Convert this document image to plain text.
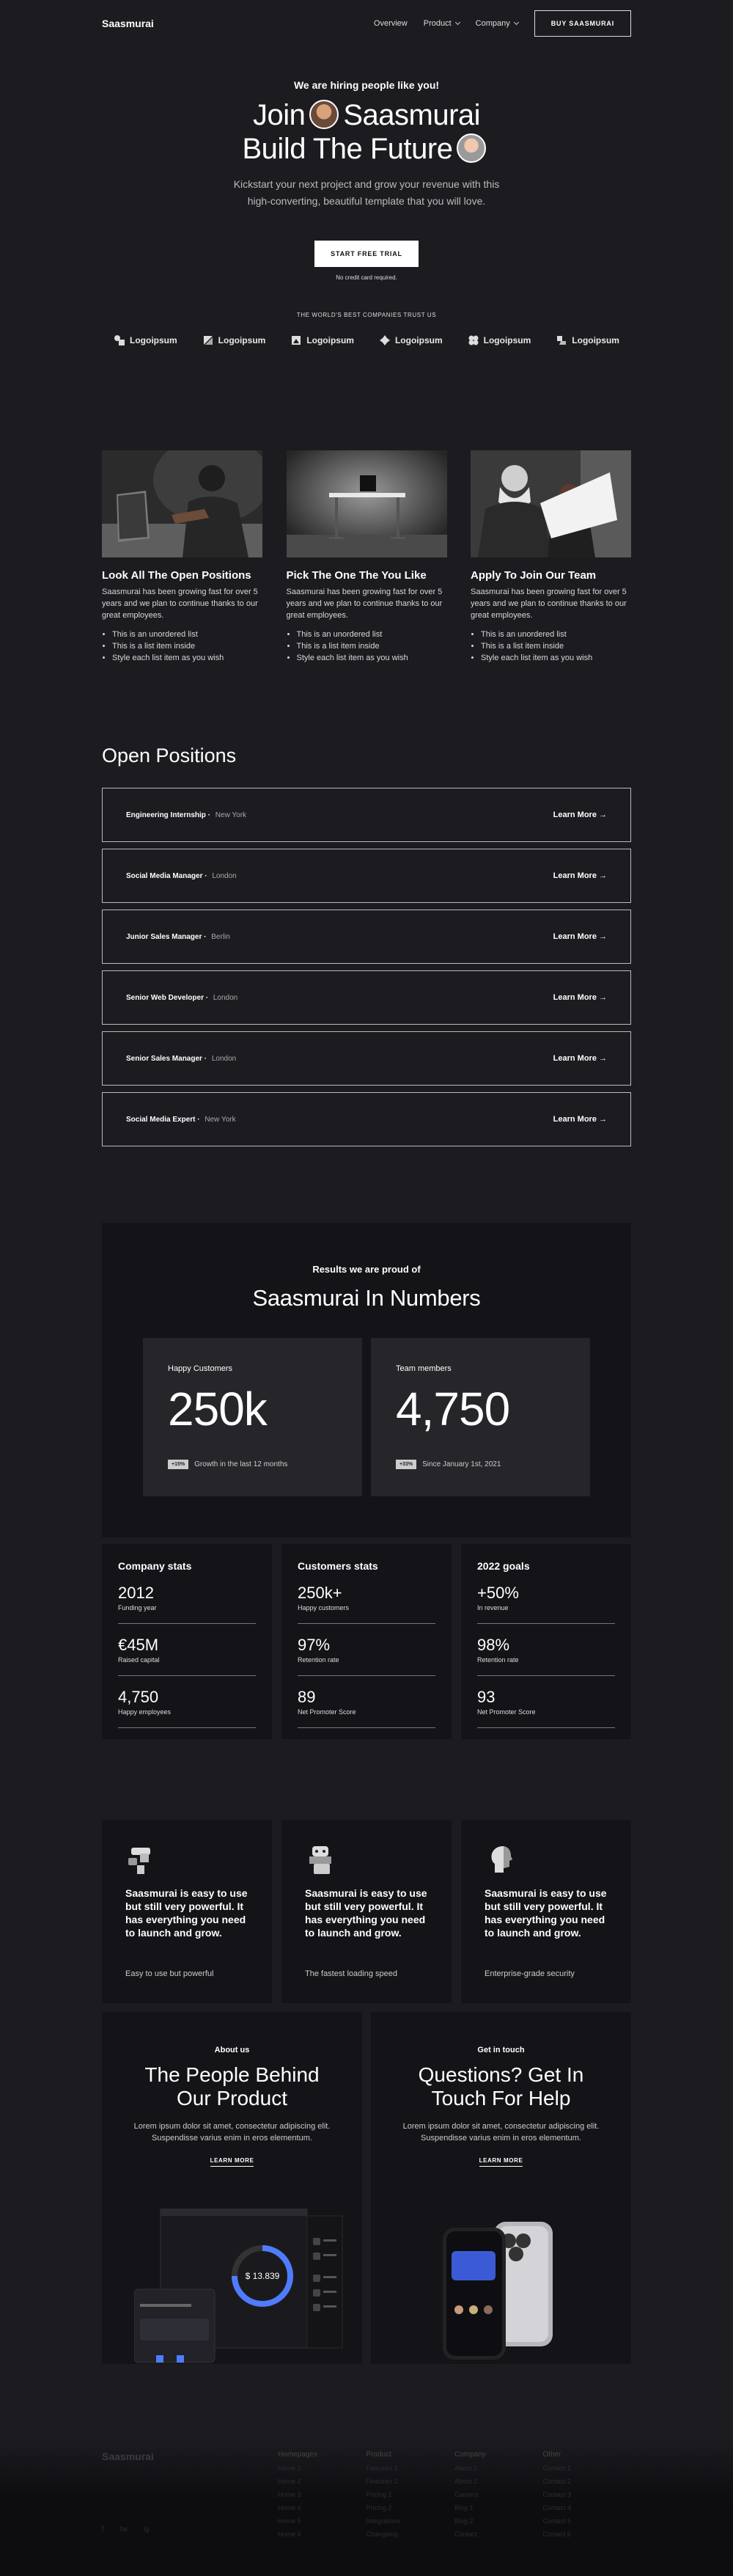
Saasmurai	Overview Product	Company	BUY SAASMURAI
We are hiring people like you!
Join Saasmurai
Build The Future

Kickstart your next project and grow your revenue with this high-converting, beautiful template that you will love.

START FREE TRIAL
No credit card required.
THE WORLD'S BEST COMPANIES TRUST US
Logoipsum	Logoipsum	Logoipsum	Logoipsum	Logoipsum	Logoipsum
Look All The Open Positions

Saasmurai has been growing fast for over 5 years and we plan to continue thanks to our great employees.

• This is an unordered list
• This is a list item inside
• Style each list item as you wish
Pick The One The You Like

Saasmurai has been growing fast for over 5 years and we plan to continue thanks to our great employees.

• This is an unordered list
• This is a list item inside
• Style each list item as you wish
Apply To Join Our Team

Saasmurai has been growing fast for over 5 years and we plan to continue thanks to our great employees.

• This is an unordered list
• This is a list item inside
• Style each list item as you wish
Open Positions
Engineering Internship · New York	Learn More →
Social Media Manager · London	Learn More →
Junior Sales Manager · Berlin	Learn More →
Senior Web Developer · London	Learn More →
Senior Sales Manager · London	Learn More →
Social Media Expert · New York	Learn More →
Results we are proud of
Saasmurai In Numbers
Happy Customers
250k
+15%	Growth in the last 12 months
Team members
4,750
+33%	Since January 1st, 2021
Company stats
2012
Funding year
€45M
Raised capital
4,750
Happy employees
Customers stats
250k+
Happy customers
97%
Retention rate
89
Net Promoter Score
2022 goals
+50%
In revenue
98%
Retention rate
93
Net Promoter Score
Saasmurai is easy to use but still very powerful. It has everything you need to launch and grow.
Easy to use but powerful
Saasmurai is easy to use but still very powerful. It has everything you need to launch and grow.
The fastest loading speed
Saasmurai is easy to use but still very powerful. It has everything you need to launch and grow.
Enterprise-grade security
About us
The People Behind Our Product

Lorem ipsum dolor sit amet, consectetur adipiscing elit. Suspendisse varius enim in eros elementum.

LEARN MORE
$ 13.839
Get in touch
Questions? Get In Touch For Help

Lorem ipsum dolor sit amet, consectetur adipiscing elit. Suspendisse varius enim in eros elementum.

LEARN MORE
Saasmurai	Homepages
Home 1
Home 2
Home 3
Home 4
Home 5
Home 6
Product
Features 1
Features 2
Pricing 1
Pricing 2
Integrations
Changelog
Company
About 1
About 2
Careers
Blog 1
Blog 2
Contact
Other
Contact 1
Contact 2
Contact 3
Contact 4
Contact 5
Contact 6
f tw ig
